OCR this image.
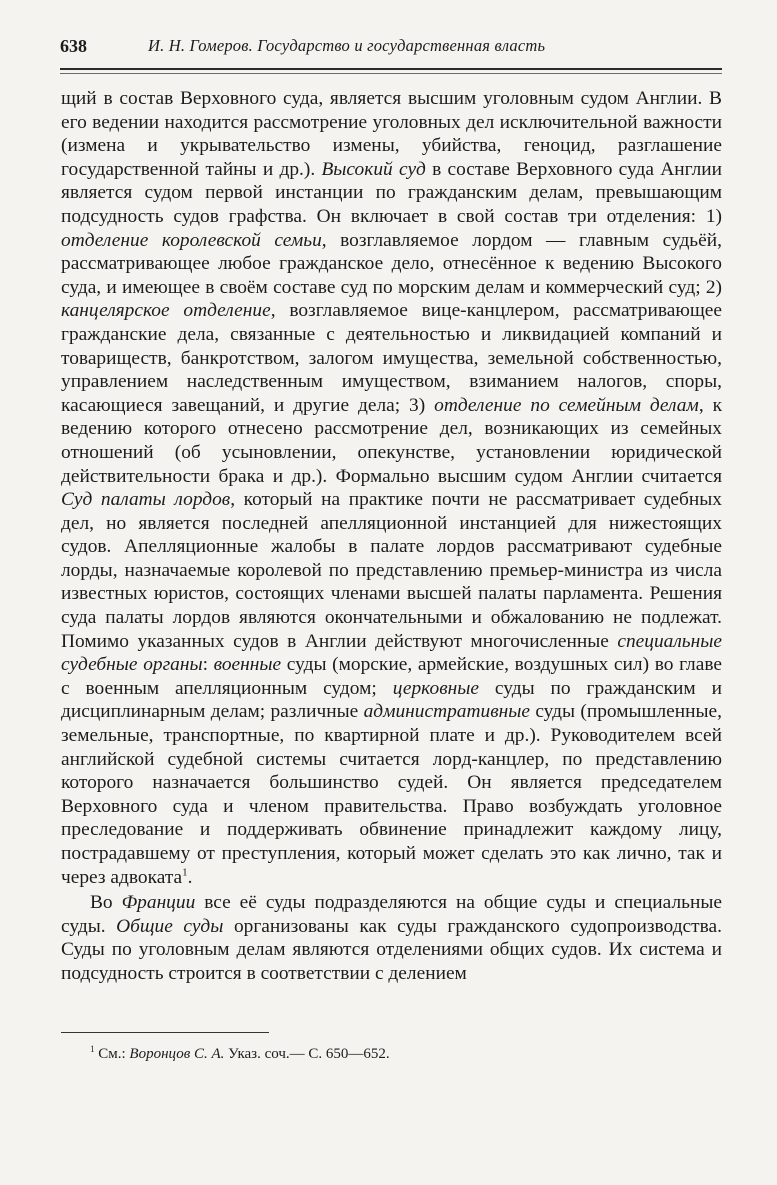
638	И. Н. Гомеров. Государство и государственная власть

щий в состав Верховного суда, является высшим уголовным судом Англии. В его ведении находится рассмотрение уголовных дел исключительной важности (измена и укрывательство измены, убийства, геноцид, разглашение государственной тайны и др.). Высокий суд в составе Верховного суда Англии является судом первой инстанции по гражданским делам, превышающим подсудность судов графства. Он включает в свой состав три отделения: 1) отделение королевской семьи, возглавляемое лордом — главным судьёй, рассматривающее любое гражданское дело, отнесённое к ведению Высокого суда, и имеющее в своём составе суд по морским делам и коммерческий суд; 2) канцелярское отделение, возглавляемое вице-канцлером, рассматривающее гражданские дела, связанные с деятельностью и ликвидацией компаний и товариществ, банкротством, залогом имущества, земельной собственностью, управлением наследственным имуществом, взиманием налогов, споры, касающиеся завещаний, и другие дела; 3) отделение по семейным делам, к ведению которого отнесено рассмотрение дел, возникающих из семейных отношений (об усыновлении, опекунстве, установлении юридической действительности брака и др.). Формально высшим судом Англии считается Суд палаты лордов, который на практике почти не рассматривает судебных дел, но является последней апелляционной инстанцией для нижестоящих судов. Апелляционные жалобы в палате лордов рассматривают судебные лорды, назначаемые королевой по представлению премьер-министра из числа известных юристов, состоящих членами высшей палаты парламента. Решения суда палаты лордов являются окончательными и обжалованию не подлежат. Помимо указанных судов в Англии действуют многочисленные специальные судебные органы: военные суды (морские, армейские, воздушных сил) во главе с военным апелляционным судом; церковные суды по гражданским и дисциплинарным делам; различные административные суды (промышленные, земельные, транспортные, по квартирной плате и др.). Руководителем всей английской судебной системы считается лорд-канцлер, по представлению которого назначается большинство судей. Он является председателем Верховного суда и членом правительства. Право возбуждать уголовное преследование и поддерживать обвинение принадлежит каждому лицу, пострадавшему от преступления, который может сделать это как лично, так и через адвоката$^1$.

Во Франции все её суды подразделяются на общие суды и специальные суды. Общие суды организованы как суды гражданского судопроизводства. Суды по уголовным делам являются отделениями общих судов. Их система и подсудность строится в соответствии с делением

$^1$ См.: Воронцов С. А. Указ. соч.— С. 650—652.
